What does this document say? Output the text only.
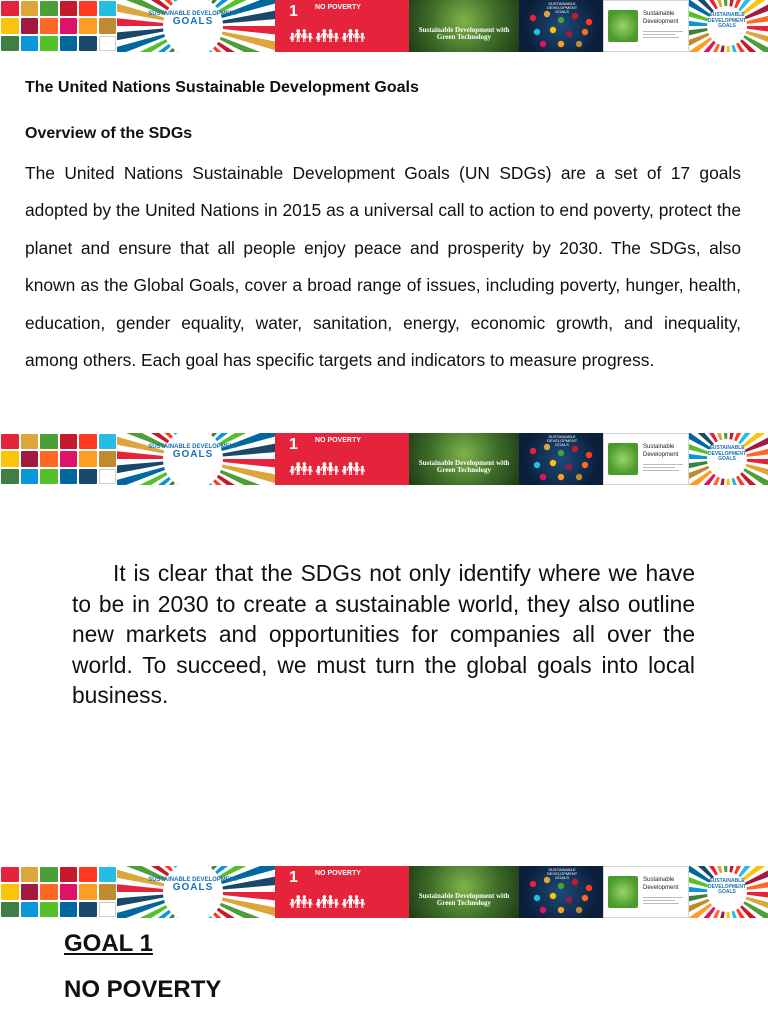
SUSTAINABLE DEVELOPMENT
GOALS
1 NO POVERTY
👪︎👪︎👪︎	Sustainable Development with Green Technology
SUSTAINABLE DEVELOPMENT GOALS	Sustainable Development
SUSTAINABLE DEVELOPMENT
GOALS
The United Nations Sustainable Development Goals
Overview of the SDGs
The United Nations Sustainable Development Goals (UN SDGs) are a set of 17 goals adopted by the United Nations in 2015 as a universal call to action to end poverty, protect the planet and ensure that all people enjoy peace and prosperity by 2030. The SDGs, also known as the Global Goals, cover a broad range of issues, including poverty, hunger, health, education, gender equality, water, sanitation, energy, economic growth, and inequality, among others. Each goal has specific targets and indicators to measure progress.
SUSTAINABLE DEVELOPMENT
GOALS
1 NO POVERTY
👪︎👪︎👪︎	Sustainable Development with Green Technology
SUSTAINABLE DEVELOPMENT GOALS	Sustainable Development
SUSTAINABLE DEVELOPMENT
GOALS
It is clear that the SDGs not only identify where we have to be in 2030 to create a sustainable world, they also outline new markets and opportunities for companies all over the world. To succeed, we must turn the global goals into local business.
SUSTAINABLE DEVELOPMENT
GOALS
1 NO POVERTY
👪︎👪︎👪︎	Sustainable Development with Green Technology
SUSTAINABLE DEVELOPMENT GOALS	Sustainable Development
SUSTAINABLE DEVELOPMENT
GOALS
GOAL 1
NO POVERTY
